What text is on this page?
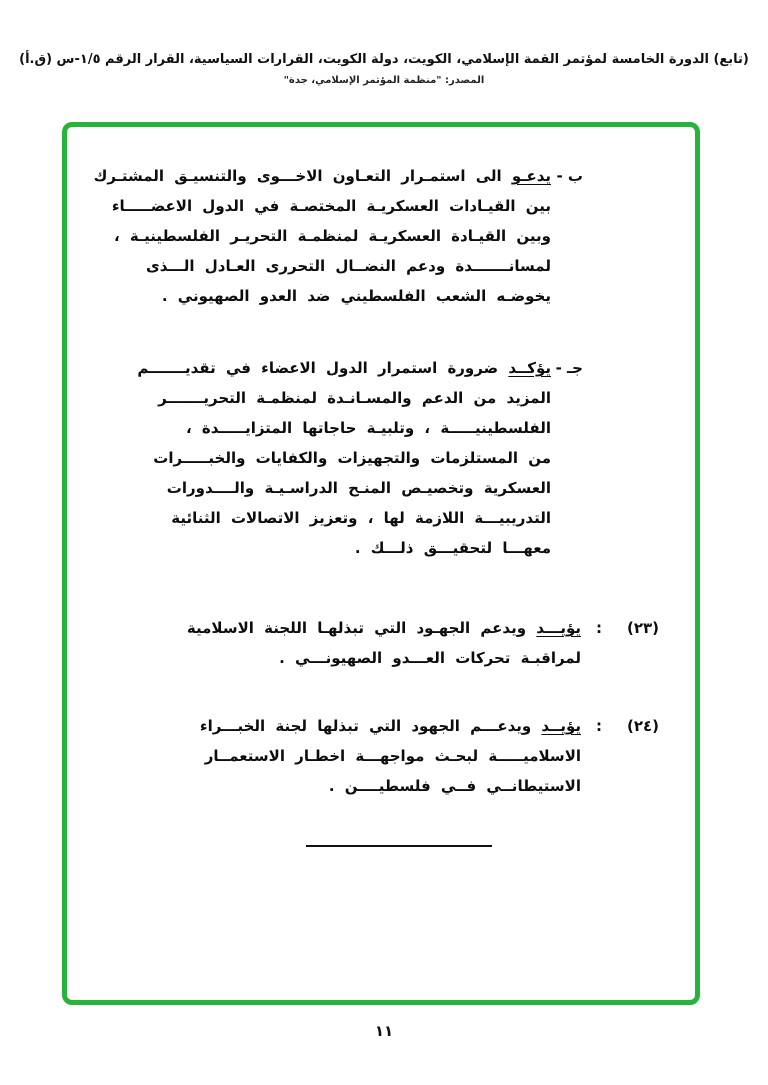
(تابع) الدورة الخامسة لمؤتمر القمة الإسلامي، الكويت، دولة الكويت، القرارات السياسية، القرار الرقم ١/٥-س (ق.أ)
المصدر: "منظمة المؤتمر الإسلامي، جدة"
ب -
يدعـو الى استمـرار التعـاون الاخـــوى والتنسيـق المشتـرك
بين القيـادات العسكريـة المختصـة في الدول الاعضـــــاء
وبين القيـادة العسكريـة لمنظمـة التحريـر الفلسطينيـة ،
لمسانـــــــدة ودعم النضــال التحررى العـادل الـــذى
يخوضـه الشعب الفلسطيني ضد العدو الصهيوني .
جـ -
يؤكــد ضرورة استمرار الدول الاعضاء في تقديـــــــم
المزيد من الدعم والمسـانـدة لمنظمـة التحريـــــــر
الفلسطينيـــــة ، وتلبيـة حاجاتها المتزايـــــدة ،
من المستلزمات والتجهيزات والكفايات والخبـــــرات
العسكرية وتخصيـص المنـح الدراسـيـة والــــدورات
التدريبيـــة اللازمة لها ، وتعزيز الاتصالات الثنائية
معهـــا لتحقيـــق ذلـــك .
(٢٣)
:
يؤيـــد ويدعم الجهـود التي تبذلهـا اللجنة الاسلامية
لمراقبـة تحركات العـــدو الصهيونـــي .
(٢٤)
:
يؤيــد ويدعـــم الجهود التي تبذلها لجنة الخبـــراء
الاسلاميـــــة لبحـث مواجهـــة اخطـار الاستعمــار
الاستيطانــي فــي فلسطيــــن .
١١
